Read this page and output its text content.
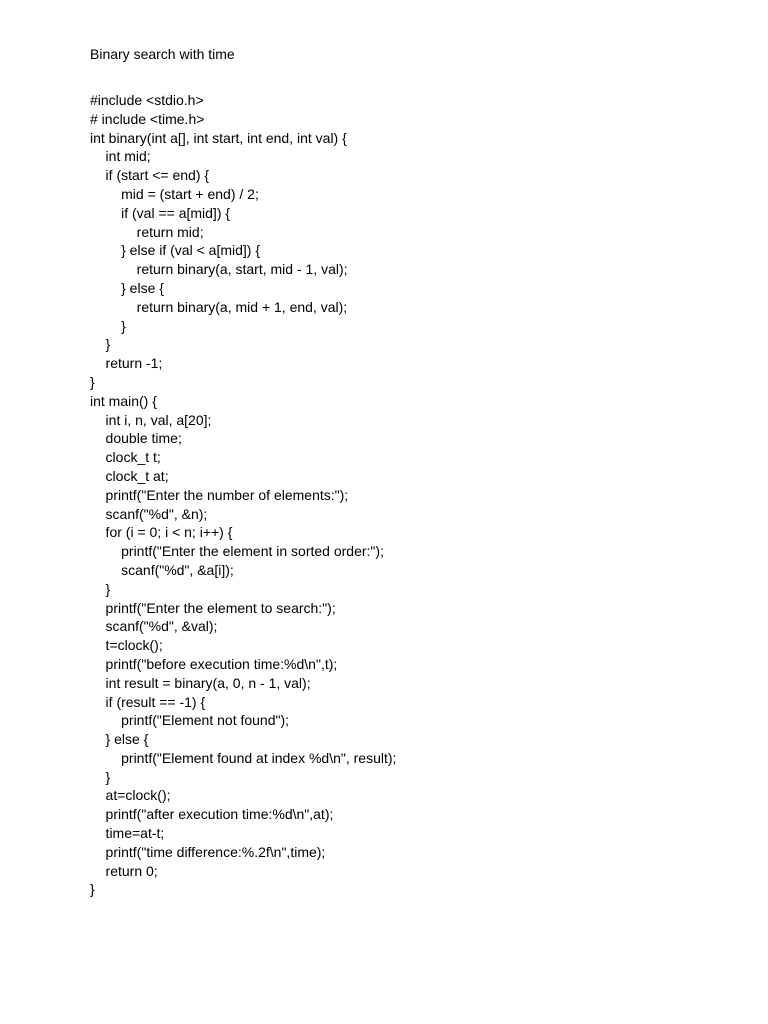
Binary search with time
#include <stdio.h>
# include <time.h>
int binary(int a[], int start, int end, int val) {
int mid;
if (start <= end) {
mid = (start + end) / 2;
if (val == a[mid]) {
return mid;
} else if (val < a[mid]) {
return binary(a, start, mid - 1, val);
} else {
return binary(a, mid + 1, end, val);
}
}
return -1;
}
int main() {
int i, n, val, a[20];
double time;
clock_t t;
clock_t at;
printf("Enter the number of elements:");
scanf("%d", &n);
for (i = 0; i < n; i++) {
printf("Enter the element in sorted order:");
scanf("%d", &a[i]);
}
printf("Enter the element to search:");
scanf("%d", &val);
t=clock();
printf("before execution time:%d\n",t);
int result = binary(a, 0, n - 1, val);
if (result == -1) {
printf("Element not found");
} else {
printf("Element found at index %d\n", result);
}
at=clock();
printf("after execution time:%d\n",at);
time=at-t;
printf("time difference:%.2f\n",time);
return 0;
}
